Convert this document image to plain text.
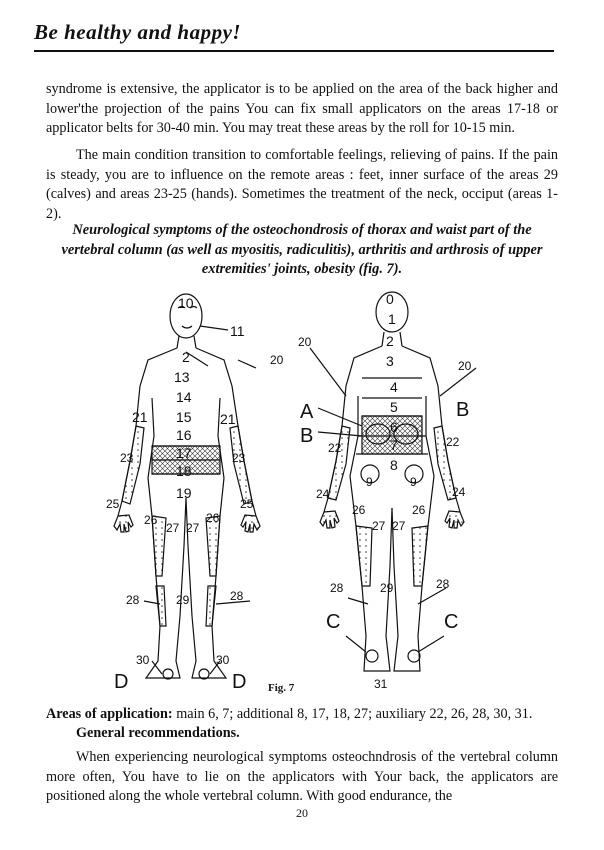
Be healthy and happy!
syndrome is extensive, the applicator is to be applied on the area of the back higher and lower'the projection of the pains You can fix small applicators on the areas 17-18 or applicator belts for 30-40 min. You may treat these areas by the roll for 10-15 min.
The main condition transition to comfortable feelings, relieving of pains. If the pain is steady, you are to influence on the remote areas : feet, inner surface of the areas 29 (calves) and areas 23-25 (hands). Sometimes the treatment of the neck, occiput (areas 1-2).
Neurological symptoms of the osteochondrosis of thorax and waist part of the vertebral column (as well as myositis, radiculitis), arthritis and arthrosis of upper extremities' joints, obesity (fig. 7).
10
11
2
13
20
14
21 15 21
16
17
23
18
23
19
25	25
26
27 27
26
28	29	28
30	30
D	D
0
1
20	2
3	20
4
A	5	B
B	6
7
22	22
8
9	9
24	24
26	26
27 27
28	29	28
C	C
31
Fig. 7
Areas of application: main 6, 7; additional 8, 17, 18, 27; auxiliary 22, 26, 28, 30, 31.
General recommendations.
When experiencing neurological symptoms osteochndrosis of the vertebral column more often, You have to lie on the applicators with Your back, the applicators are positioned along the whole vertebral column. With good endurance, the
20
